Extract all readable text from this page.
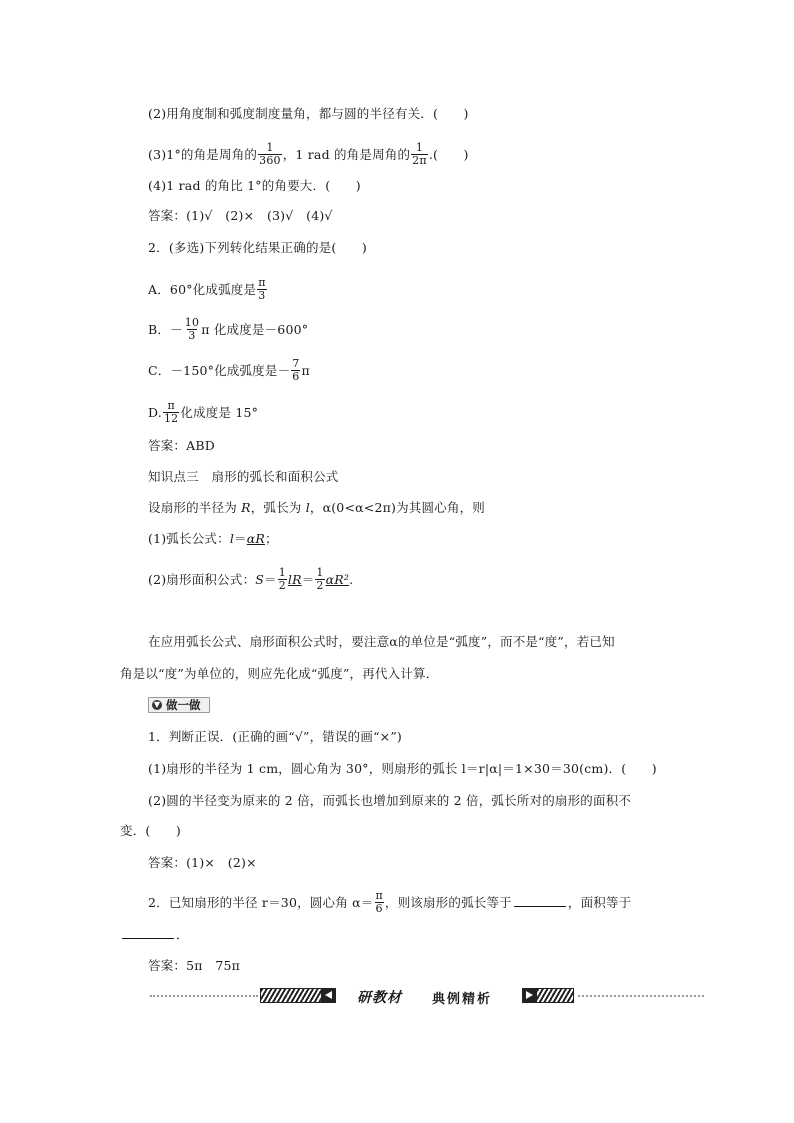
(2)用角度制和弧度制度量角，都与圆的半径有关．(　　)
(3)1°的角是周角的 $\frac{1}{360}$ ，1 rad 的角是周角的 $\frac{1}{2\pi}$ .(　　)
(4)1 rad 的角比 1°的角要大．(　　)
答案：(1)√　(2)×　(3)√　(4)√
2．(多选)下列转化结果正确的是(　　)
A．60°化成弧度是 $\frac{\pi}{3}$
B．－ $\frac{10}{3}$ π 化成度是－600°
C．－150°化成弧度是－ $\frac{7}{6}$ π
D. $\frac{\pi}{12}$ 化成度是 15°
答案：ABD
知识点三　扇形的弧长和面积公式
设扇形的半径为 R，弧长为 l，α(0<α<2π)为其圆心角，则
(1)弧长公式：l＝αR；
(2)扇形面积公式：$S= \frac{1}{2} lR= \frac{1}{2} \alpha R^2$.
在应用弧长公式、扇形面积公式时，要注意α的单位是“弧度”，而不是“度”，若已知
角是以“度”为单位的，则应先化成“弧度”，再代入计算．
▼ 做一做
1．判断正误．(正确的画“√”，错误的画“×”)
(1)扇形的半径为 1 cm，圆心角为 30°，则扇形的弧长 l＝r|α|＝1×30＝30(cm)．(　　)
(2)圆的半径变为原来的 2 倍，而弧长也增加到原来的 2 倍，弧长所对的扇形的面积不
变．(　　)
答案：(1)×　(2)×
2．已知扇形的半径 r＝30，圆心角 $\alpha= \frac{\pi}{6}$ ，则该扇形的弧长等于	，面积等于
．
答案：5π　75π
研教材 典例精析
